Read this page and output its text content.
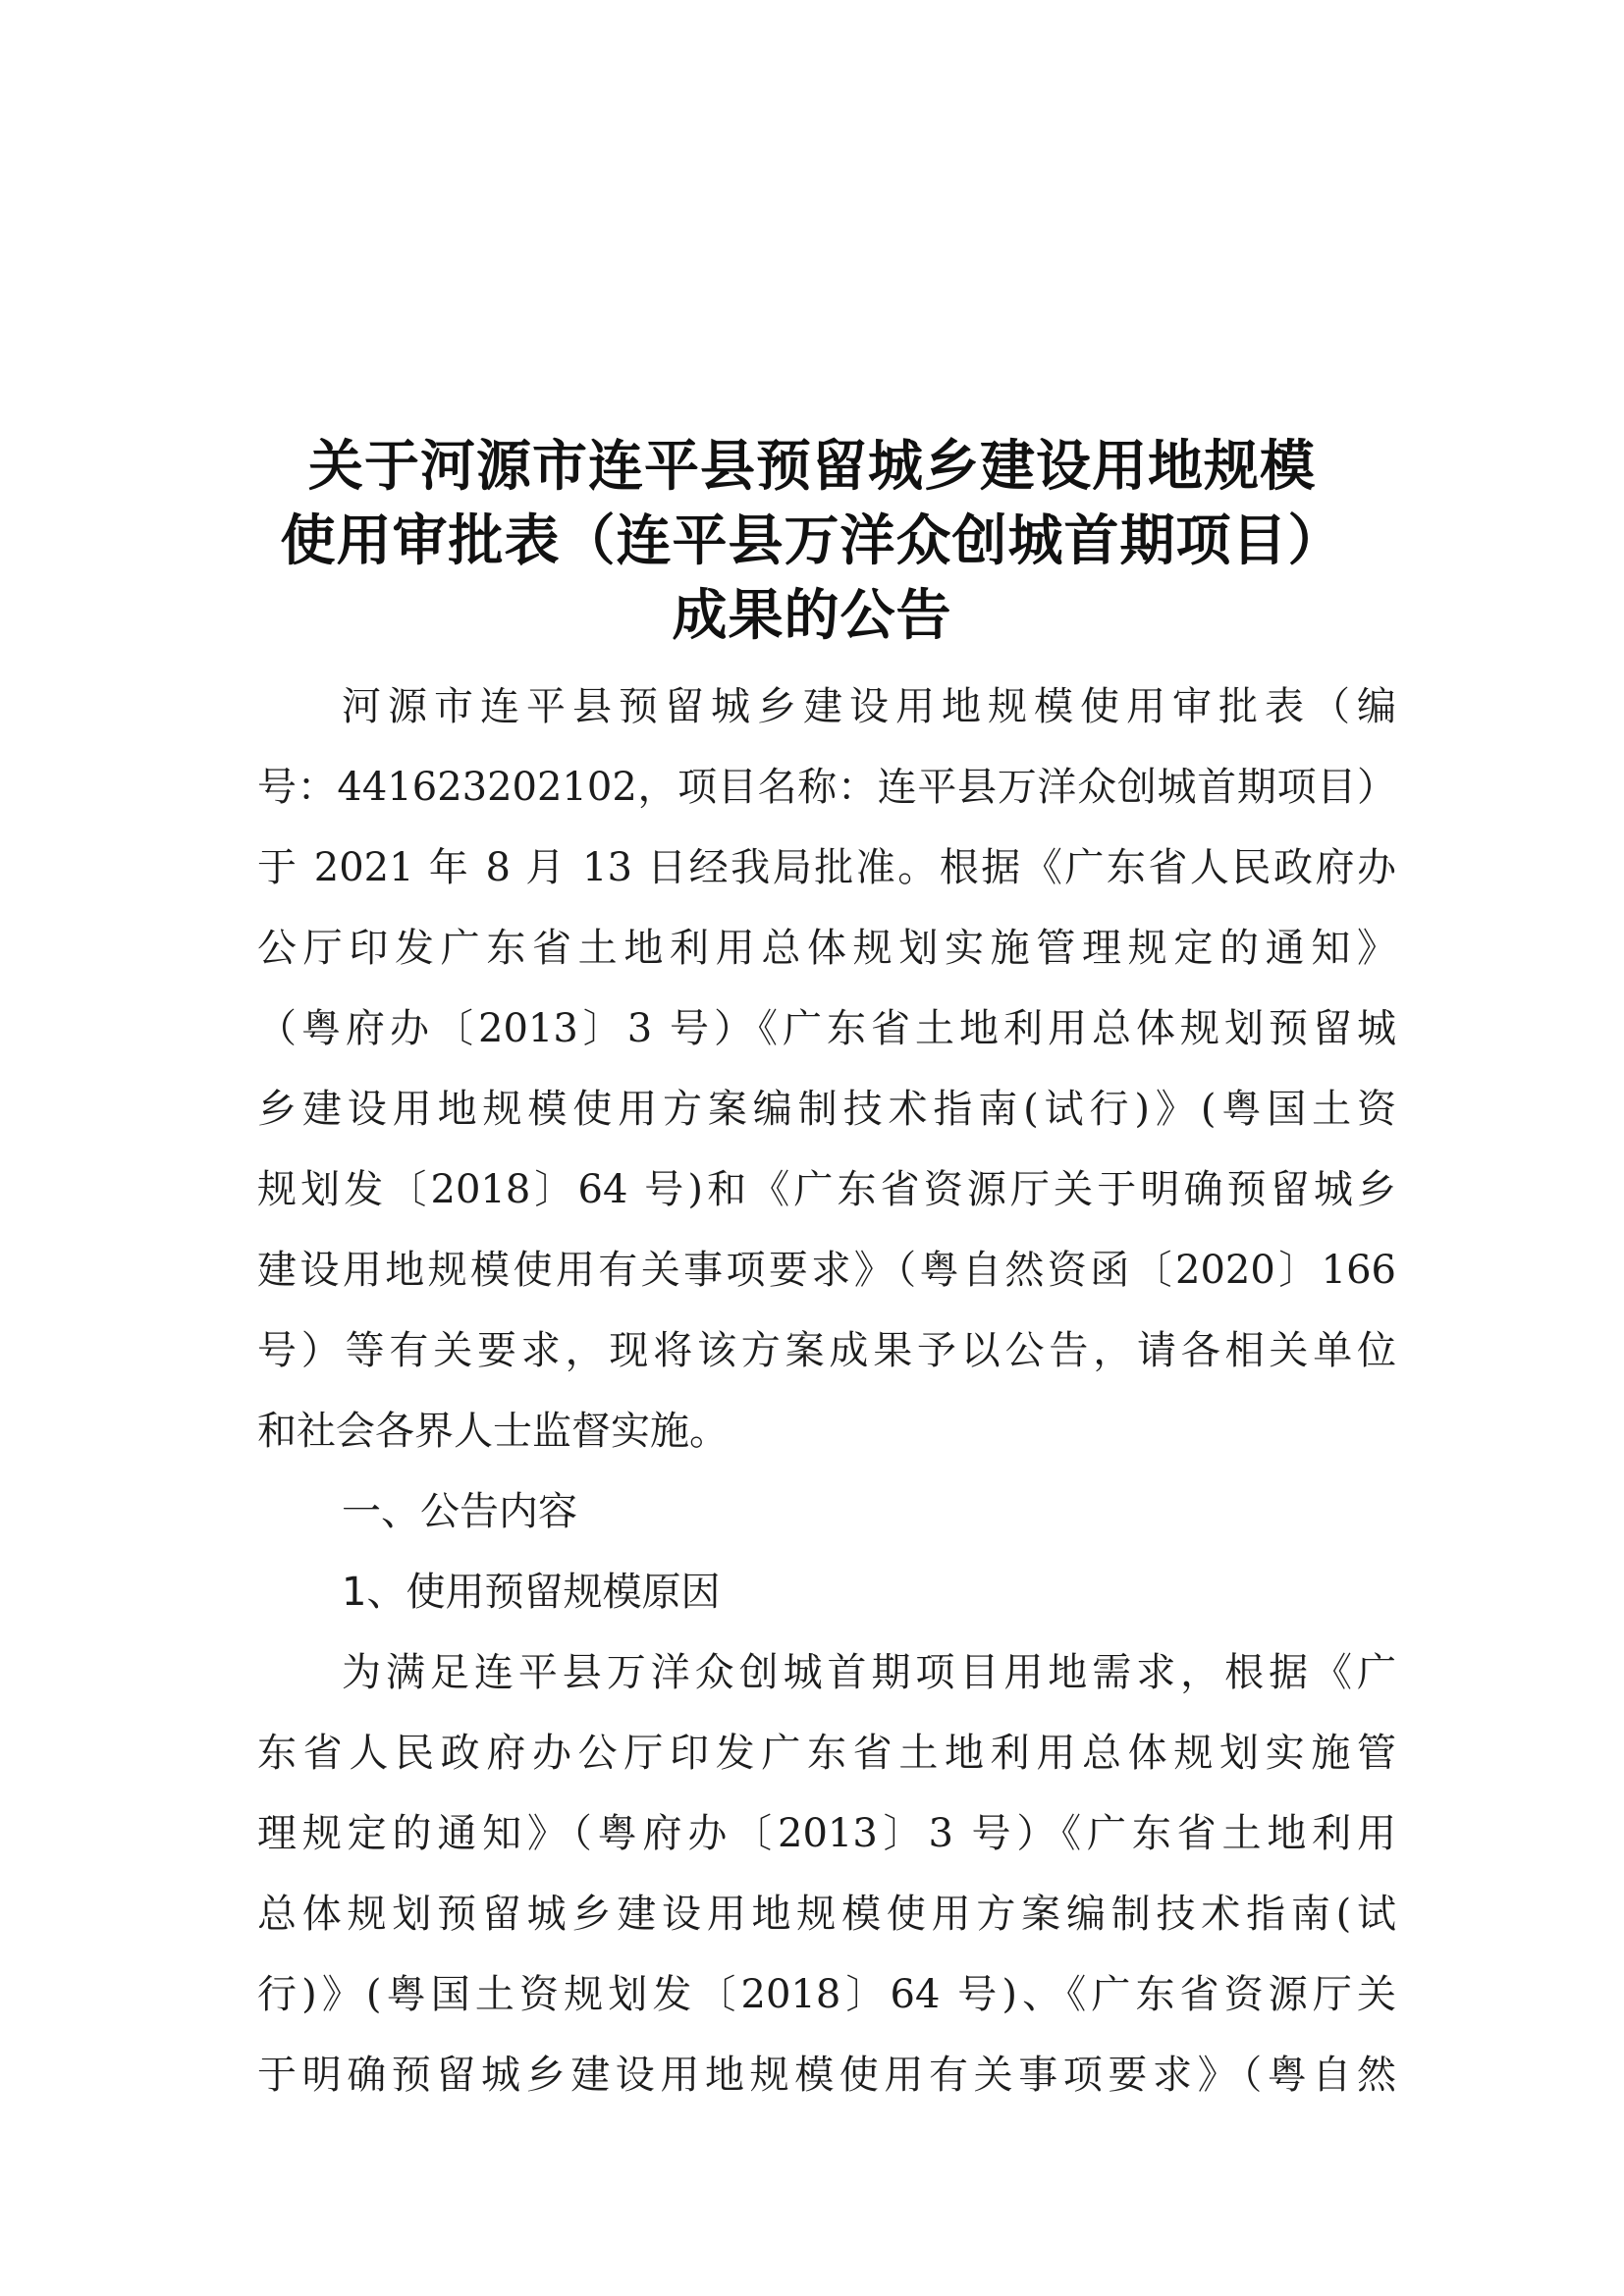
关于河源市连平县预留城乡建设用地规模
使用审批表（连平县万洋众创城首期项目）
成果的公告
河源市连平县预留城乡建设用地规模使用审批表（编
号：441623202102，项目名称：连平县万洋众创城首期项目）
于 2021 年 8 月 13 日经我局批准。根据《广东省人民政府办
公厅印发广东省土地利用总体规划实施管理规定的通知》
（粤府办〔2013〕3 号）《广东省土地利用总体规划预留城
乡建设用地规模使用方案编制技术指南(试行)》(粤国土资
规划发〔2018〕64 号)和《广东省资源厅关于明确预留城乡
建设用地规模使用有关事项要求》（粤自然资函〔2020〕166
号）等有关要求，现将该方案成果予以公告，请各相关单位
和社会各界人士监督实施。
一、公告内容
1、使用预留规模原因
为满足连平县万洋众创城首期项目用地需求，根据《广
东省人民政府办公厅印发广东省土地利用总体规划实施管
理规定的通知》（粤府办〔2013〕3 号）《广东省土地利用
总体规划预留城乡建设用地规模使用方案编制技术指南(试
行)》(粤国土资规划发〔2018〕64 号)、《广东省资源厅关
于明确预留城乡建设用地规模使用有关事项要求》（粤自然
